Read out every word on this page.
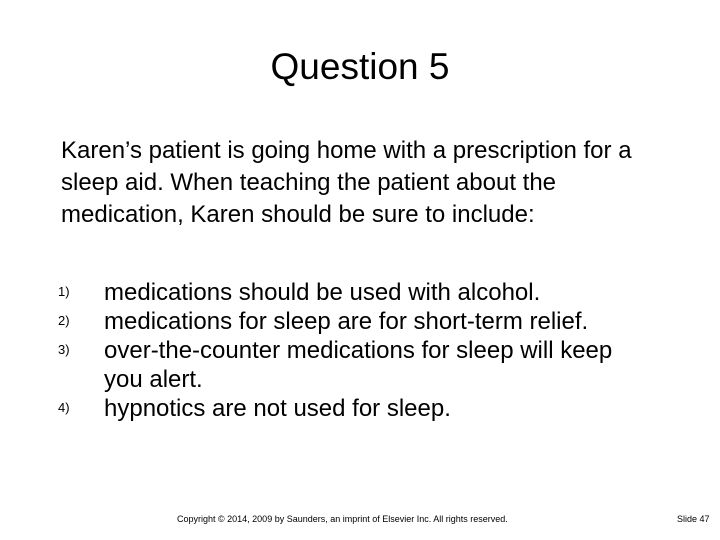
Question 5
Karen’s patient is going home with a prescription for a sleep aid. When teaching the patient about the medication, Karen should be sure to include:
1) medications should be used with alcohol.
2) medications for sleep are for short-term relief.
3) over-the-counter medications for sleep will keep you alert.
4) hypnotics are not used for sleep.
Copyright © 2014, 2009 by Saunders, an imprint of Elsevier Inc. All rights reserved.	Slide 47
